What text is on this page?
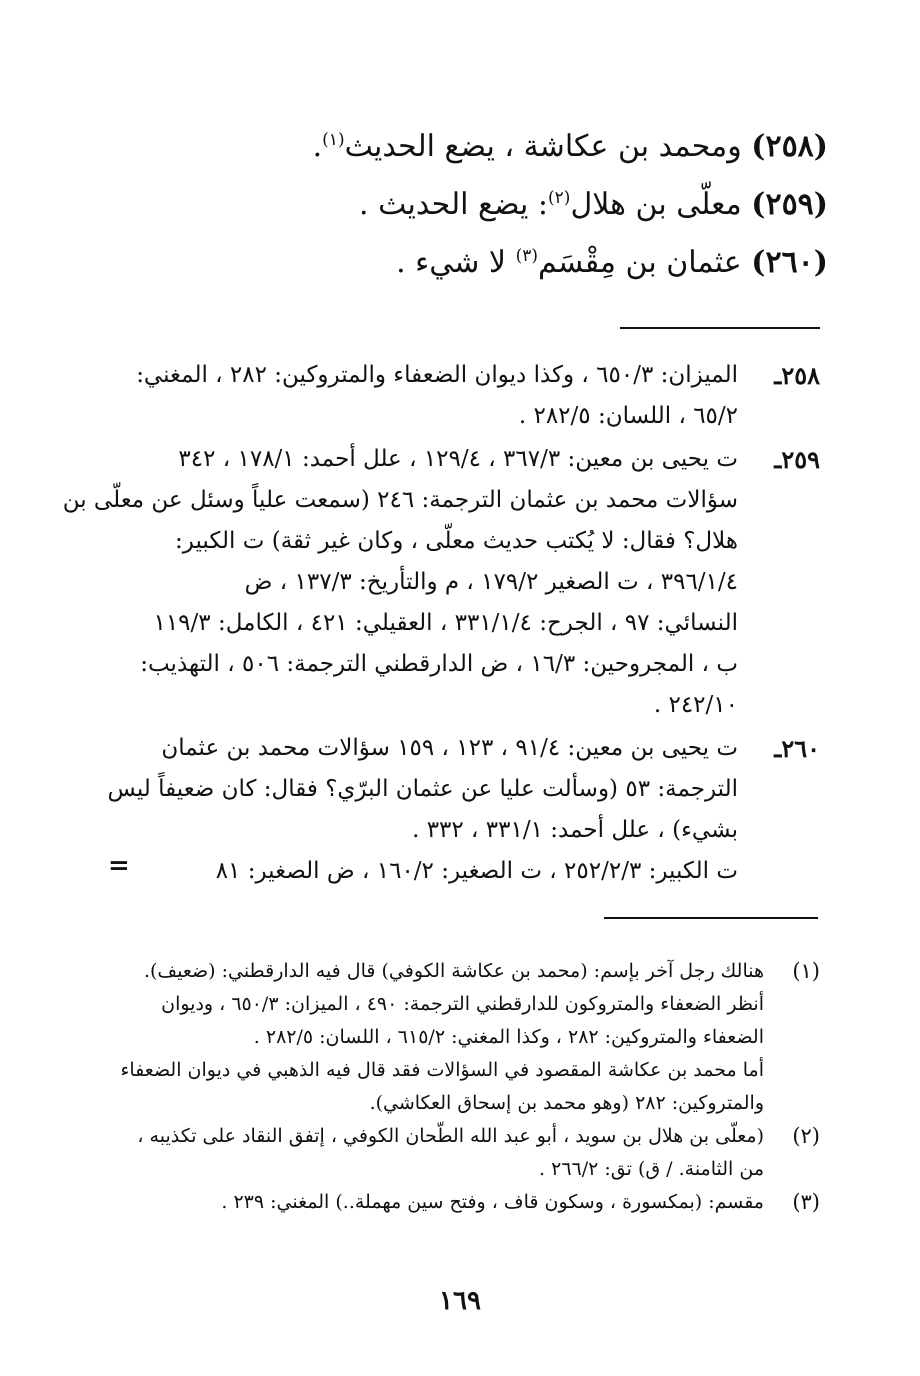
(٢٥٨) ومحمد بن عكاشة ، يضع الحديث$^{(١)}$.
(٢٥٩) معلّى بن هلال$^{(٢)}$: يضع الحديث .
(٢٦٠) عثمان بن مِقْسَم$^{(٣)}$ لا شيء .
٢٥٨ـ
الميزان: ٦٥٠/٣ ، وكذا ديوان الضعفاء والمتروكين: ٢٨٢ ، المغني:
٦٥/٢ ، اللسان: ٢٨٢/٥ .
٢٥٩ـ
ت يحيى بن معين: ٣٦٧/٣ ، ١٢٩/٤ ، علل أحمد: ١٧٨/١ ، ٣٤٢
سؤالات محمد بن عثمان الترجمة: ٢٤٦ (سمعت علياً وسئل عن معلّى بن
هلال؟ فقال: لا يُكتب حديث معلّى ، وكان غير ثقة) ت الكبير:
٣٩٦/١/٤ ، ت الصغير ١٧٩/٢ ، م والتأريخ: ١٣٧/٣ ، ض
النسائي: ٩٧ ، الجرح: ٣٣١/١/٤ ، العقيلي: ٤٢١ ، الكامل: ١١٩/٣
ب ، المجروحين: ١٦/٣ ، ض الدارقطني الترجمة: ٥٠٦ ، التهذيب:
٢٤٢/١٠ .
٢٦٠ـ
ت يحيى بن معين: ٩١/٤ ، ١٢٣ ، ١٥٩ سؤالات محمد بن عثمان
الترجمة: ٥٣ (وسألت عليا عن عثمان البرّي؟ فقال: كان ضعيفاً ليس
بشيء) ، علل أحمد: ٣٣١/١ ، ٣٣٢ .
ت الكبير: ٢٥٢/٢/٣ ، ت الصغير: ١٦٠/٢ ، ض الصغير: ٨١
=
(١)
هنالك رجل آخر بإسم: (محمد بن عكاشة الكوفي) قال فيه الدارقطني: (ضعيف).
أنظر الضعفاء والمتروكون للدارقطني الترجمة: ٤٩٠ ، الميزان: ٦٥٠/٣ ، وديوان
الضعفاء والمتروكين: ٢٨٢ ، وكذا المغني: ٦١٥/٢ ، اللسان: ٢٨٢/٥ .
أما محمد بن عكاشة المقصود في السؤالات فقد قال فيه الذهبي في ديوان الضعفاء
والمتروكين: ٢٨٢ (وهو محمد بن إسحاق العكاشي).
(٢)
(معلّى بن هلال بن سويد ، أبو عبد الله الطّحان الكوفي ، إتفق النقاد على تكذيبه ،
من الثامنة. / ق) تق: ٢٦٦/٢ .
(٣)
مقسم: (بمكسورة ، وسكون قاف ، وفتح سين مهملة..) المغني: ٢٣٩ .
١٦٩
